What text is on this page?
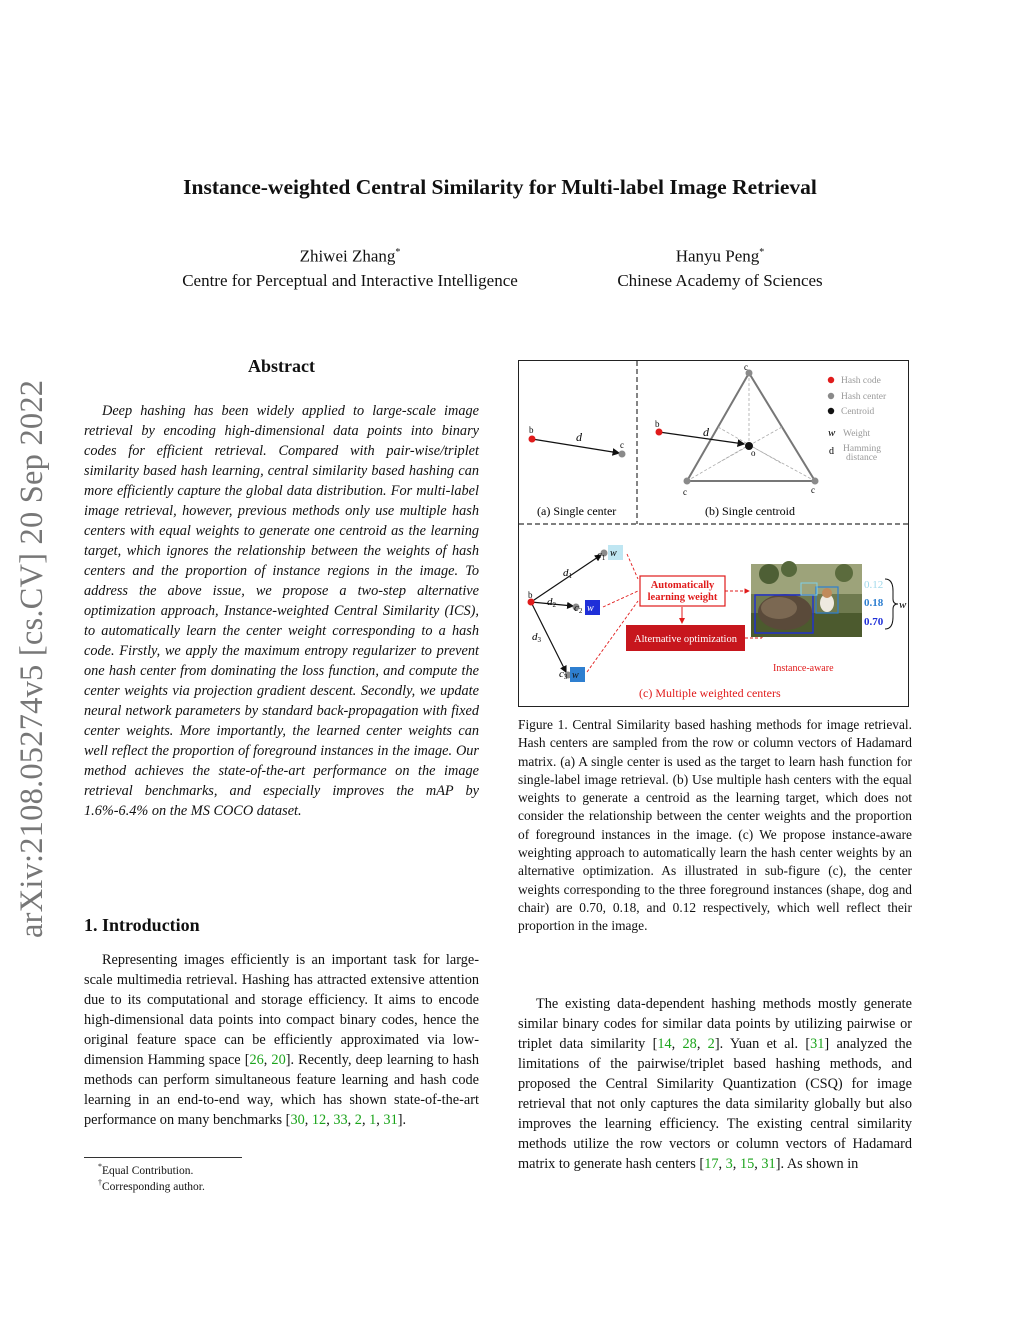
Instance-weighted Central Similarity for Multi-label Image Retrieval
Zhiwei Zhang*
Centre for Perceptual and Interactive Intelligence
Hanyu Peng*
Chinese Academy of Sciences
arXiv:2108.05274v5 [cs.CV] 20 Sep 2022
Abstract
Deep hashing has been widely applied to large-scale image retrieval by encoding high-dimensional data points into binary codes for efficient retrieval. Compared with pair-wise/triplet similarity based hash learning, central similarity based hashing can more efficiently capture the global data distribution. For multi-label image retrieval, however, previous methods only use multiple hash centers with equal weights to generate one centroid as the learning target, which ignores the relationship between the weights of hash centers and the proportion of instance regions in the image. To address the above issue, we propose a two-step alternative optimization approach, Instance-weighted Central Similarity (ICS), to automatically learn the center weight corresponding to a hash code. Firstly, we apply the maximum entropy regularizer to prevent one hash center from dominating the loss function, and compute the center weights via projection gradient descent. Secondly, we update neural network parameters by standard back-propagation with fixed center weights. More importantly, the learned center weights can well reflect the proportion of foreground instances in the image. Our method achieves the state-of-the-art performance on the image retrieval benchmarks, and especially improves the mAP by 1.6%-6.4% on the MS COCO dataset.
1. Introduction
Representing images efficiently is an important task for large-scale multimedia retrieval. Hashing has attracted extensive attention due to its computational and storage efficiency. It aims to encode high-dimensional data points into compact binary codes, hence the original feature space can be efficiently approximated via low-dimension Hamming space [26, 20]. Recently, deep learning to hash methods can perform simultaneous feature learning and hash code learning in an end-to-end way, which has shown state-of-the-art performance on many benchmarks [30, 12, 33, 2, 1, 31].
*Equal Contribution.
†Corresponding author.
b
c
d
(a) Single center
b
d
o
c
c	c
(b) Single centroid
Hash code
Hash center
Centroid
w Weight
d Hamming
distance
b
d1
d2
d3
c1 w
c2 w
c3 w
Automatically
learning weight
Alternative optimization
Instance-aware
0.12
0.18
0.70
w
(c) Multiple weighted centers
Figure 1. Central Similarity based hashing methods for image retrieval. Hash centers are sampled from the row or column vectors of Hadamard matrix. (a) A single center is used as the target to learn hash function for single-label image retrieval. (b) Use multiple hash centers with the equal weights to generate a centroid as the learning target, which does not consider the relationship between the center weights and the proportion of foreground instances in the image. (c) We propose instance-aware weighting approach to automatically learn the hash center weights by an alternative optimization. As illustrated in sub-figure (c), the center weights corresponding to the three foreground instances (shape, dog and chair) are 0.70, 0.18, and 0.12 respectively, which well reflect their proportion in the image.
The existing data-dependent hashing methods mostly generate similar binary codes for similar data points by utilizing pairwise or triplet data similarity [14, 28, 2]. Yuan et al. [31] analyzed the limitations of the pairwise/triplet based hashing methods, and proposed the Central Similarity Quantization (CSQ) for image retrieval that not only captures the data similarity globally but also improves the learning efficiency. The existing central similarity methods utilize the row vectors or column vectors of Hadamard matrix to generate hash centers [17, 3, 15, 31]. As shown in
